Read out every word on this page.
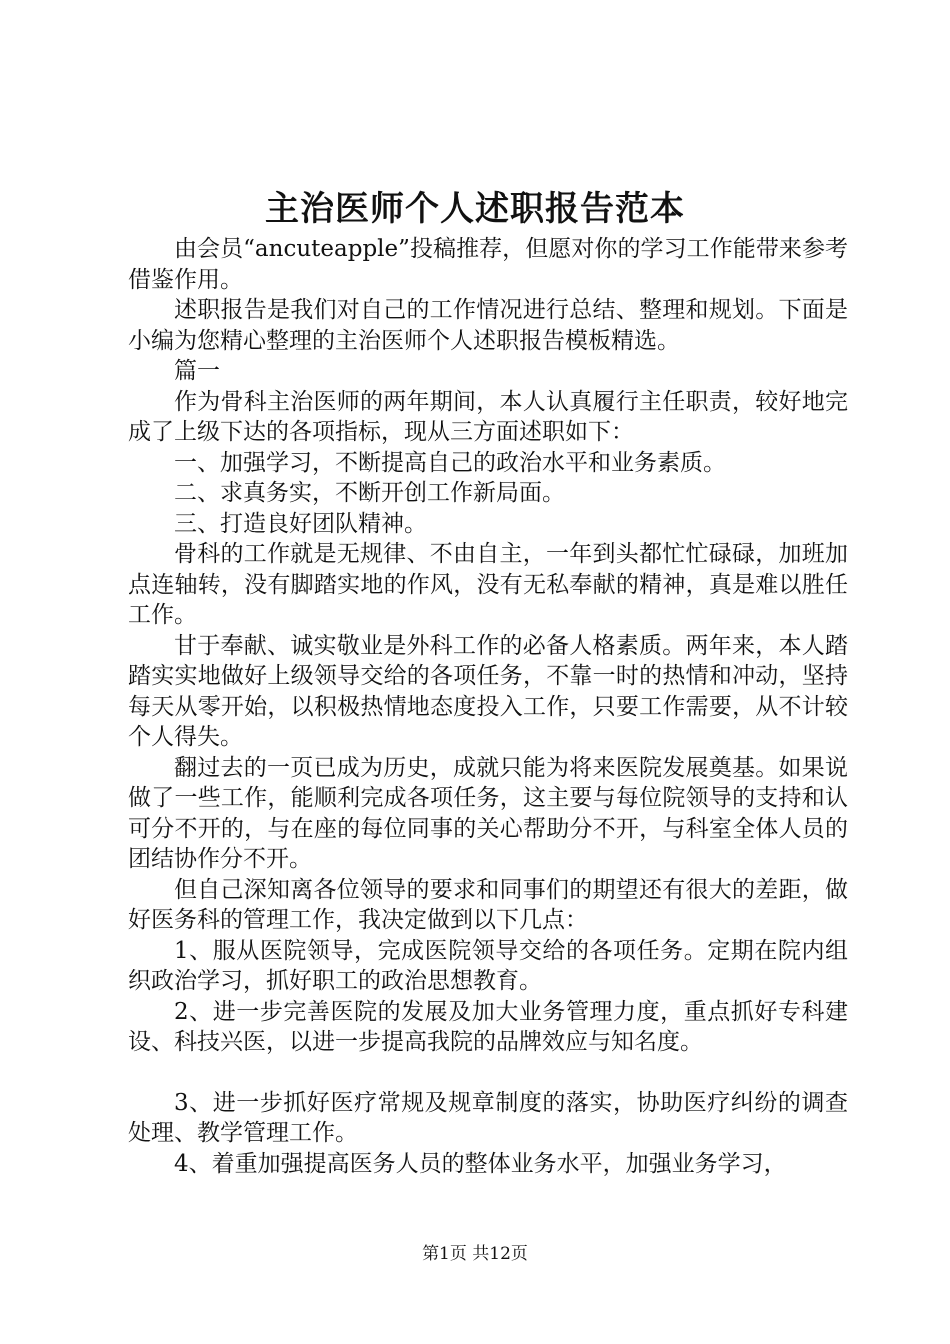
主治医师个人述职报告范本

由会员“ancuteapple”投稿推荐，但愿对你的学习工作能带来参考借鉴作用。

述职报告是我们对自己的工作情况进行总结、整理和规划。下面是小编为您精心整理的主治医师个人述职报告模板精选。

篇一

作为骨科主治医师的两年期间，本人认真履行主任职责，较好地完成了上级下达的各项指标，现从三方面述职如下：

一、加强学习，不断提高自己的政治水平和业务素质。

二、求真务实，不断开创工作新局面。

三、打造良好团队精神。

骨科的工作就是无规律、不由自主，一年到头都忙忙碌碌，加班加点连轴转，没有脚踏实地的作风，没有无私奉献的精神，真是难以胜任工作。

甘于奉献、诚实敬业是外科工作的必备人格素质。两年来，本人踏踏实实地做好上级领导交给的各项任务，不靠一时的热情和冲动，坚持每天从零开始，以积极热情地态度投入工作，只要工作需要，从不计较个人得失。

翻过去的一页已成为历史，成就只能为将来医院发展奠基。如果说做了一些工作，能顺利完成各项任务，这主要与每位院领导的支持和认可分不开的，与在座的每位同事的关心帮助分不开，与科室全体人员的团结协作分不开。

但自己深知离各位领导的要求和同事们的期望还有很大的差距，做好医务科的管理工作，我决定做到以下几点：

1、服从医院领导，完成医院领导交给的各项任务。定期在院内组织政治学习，抓好职工的政治思想教育。

2、进一步完善医院的发展及加大业务管理力度，重点抓好专科建设、科技兴医，以进一步提高我院的品牌效应与知名度。

3、进一步抓好医疗常规及规章制度的落实，协助医疗纠纷的调查处理、教学管理工作。

4、着重加强提高医务人员的整体业务水平，加强业务学习，

第1页 共12页
